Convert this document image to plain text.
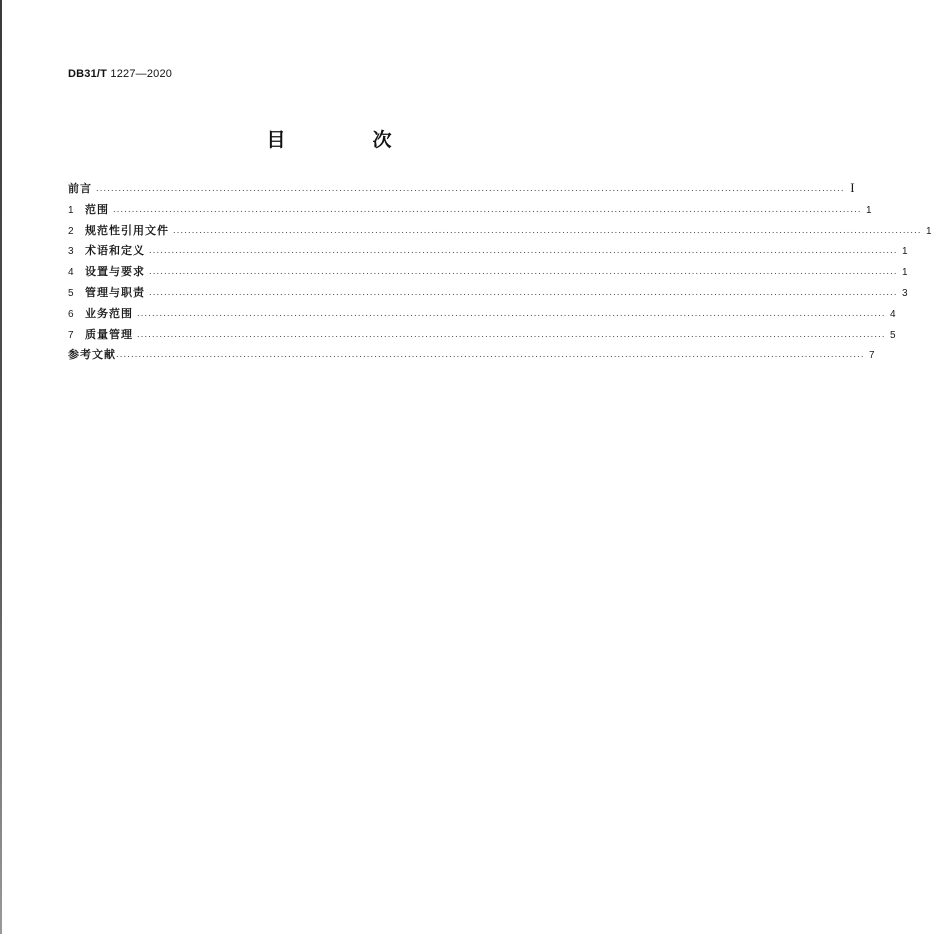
DB31/T 1227—2020
目　次
前言 ........................................................................................................................................................................................................ I
1	范围 ........................................................................................................................................................................................................ 1
2	规范性引用文件 ........................................................................................................................................................................................................ 1
3	术语和定义 ........................................................................................................................................................................................................ 1
4	设置与要求 ........................................................................................................................................................................................................ 1
5	管理与职责 ........................................................................................................................................................................................................ 3
6	业务范围 ........................................................................................................................................................................................................ 4
7	质量管理 ........................................................................................................................................................................................................ 5
参考文献 ........................................................................................................................................................................................................ 7
